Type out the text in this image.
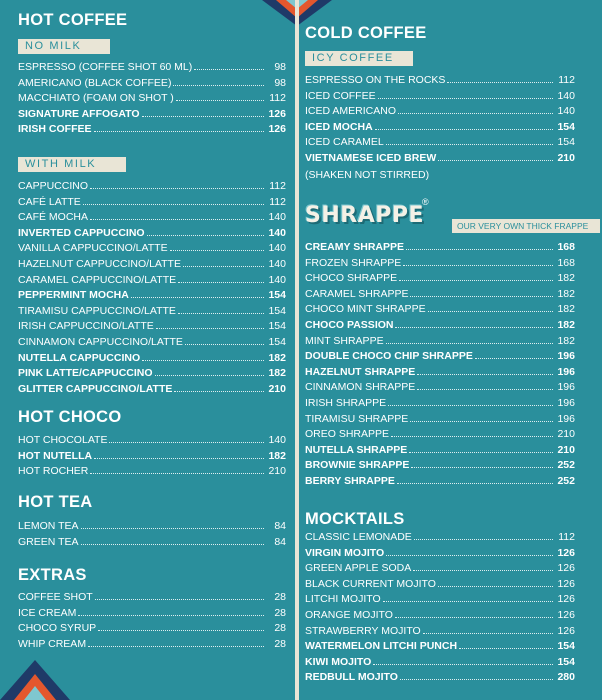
HOT COFFEE
NO MILK
ESPRESSO (COFFEE SHOT 60 ML)	98
AMERICANO (BLACK COFFEE)	98
MACCHIATO (FOAM ON SHOT )	112
SIGNATURE AFFOGATO	126
IRISH COFFEE	126
WITH MILK
CAPPUCCINO	112
CAFÉ LATTE	112
CAFÉ MOCHA	140
INVERTED CAPPUCCINO	140
VANILLA CAPPUCCINO/LATTE	140
HAZELNUT CAPPUCCINO/LATTE	140
CARAMEL CAPPUCCINO/LATTE	140
PEPPERMINT MOCHA	154
TIRAMISU CAPPUCCINO/LATTE	154
IRISH CAPPUCCINO/LATTE	154
CINNAMON CAPPUCCINO/LATTE	154
NUTELLA CAPPUCCINO	182
PINK LATTE/CAPPUCCINO	182
GLITTER CAPPUCCINO/LATTE	210
HOT CHOCO
HOT CHOCOLATE	140
HOT NUTELLA	182
HOT ROCHER	210
HOT TEA
LEMON TEA	84
GREEN TEA	84
EXTRAS
COFFEE SHOT	28
ICE CREAM	28
CHOCO SYRUP	28
WHIP CREAM	28
COLD COFFEE
ICY COFFEE
ESPRESSO ON THE ROCKS	112
ICED COFFEE	140
ICED AMERICANO	140
ICED MOCHA	154
ICED CARAMEL	154
VIETNAMESE ICED BREW	210
(SHAKEN NOT STIRRED)
SHRAPPE
®
OUR VERY OWN THICK FRAPPE
CREAMY SHRAPPE	168
FROZEN SHRAPPE	168
CHOCO SHRAPPE	182
CARAMEL SHRAPPE	182
CHOCO MINT SHRAPPE	182
CHOCO PASSION	182
MINT SHRAPPE	182
DOUBLE CHOCO CHIP SHRAPPE	196
HAZELNUT SHRAPPE	196
CINNAMON SHRAPPE	196
IRISH SHRAPPE	196
TIRAMISU SHRAPPE	196
OREO SHRAPPE	210
NUTELLA SHRAPPE	210
BROWNIE SHRAPPE	252
BERRY SHRAPPE	252
MOCKTAILS
CLASSIC LEMONADE	112
VIRGIN MOJITO	126
GREEN APPLE SODA	126
BLACK CURRENT MOJITO	126
LITCHI MOJITO	126
ORANGE MOJITO	126
STRAWBERRY MOJITO	126
WATERMELON LITCHI PUNCH	154
KIWI MOJITO	154
REDBULL MOJITO	280
